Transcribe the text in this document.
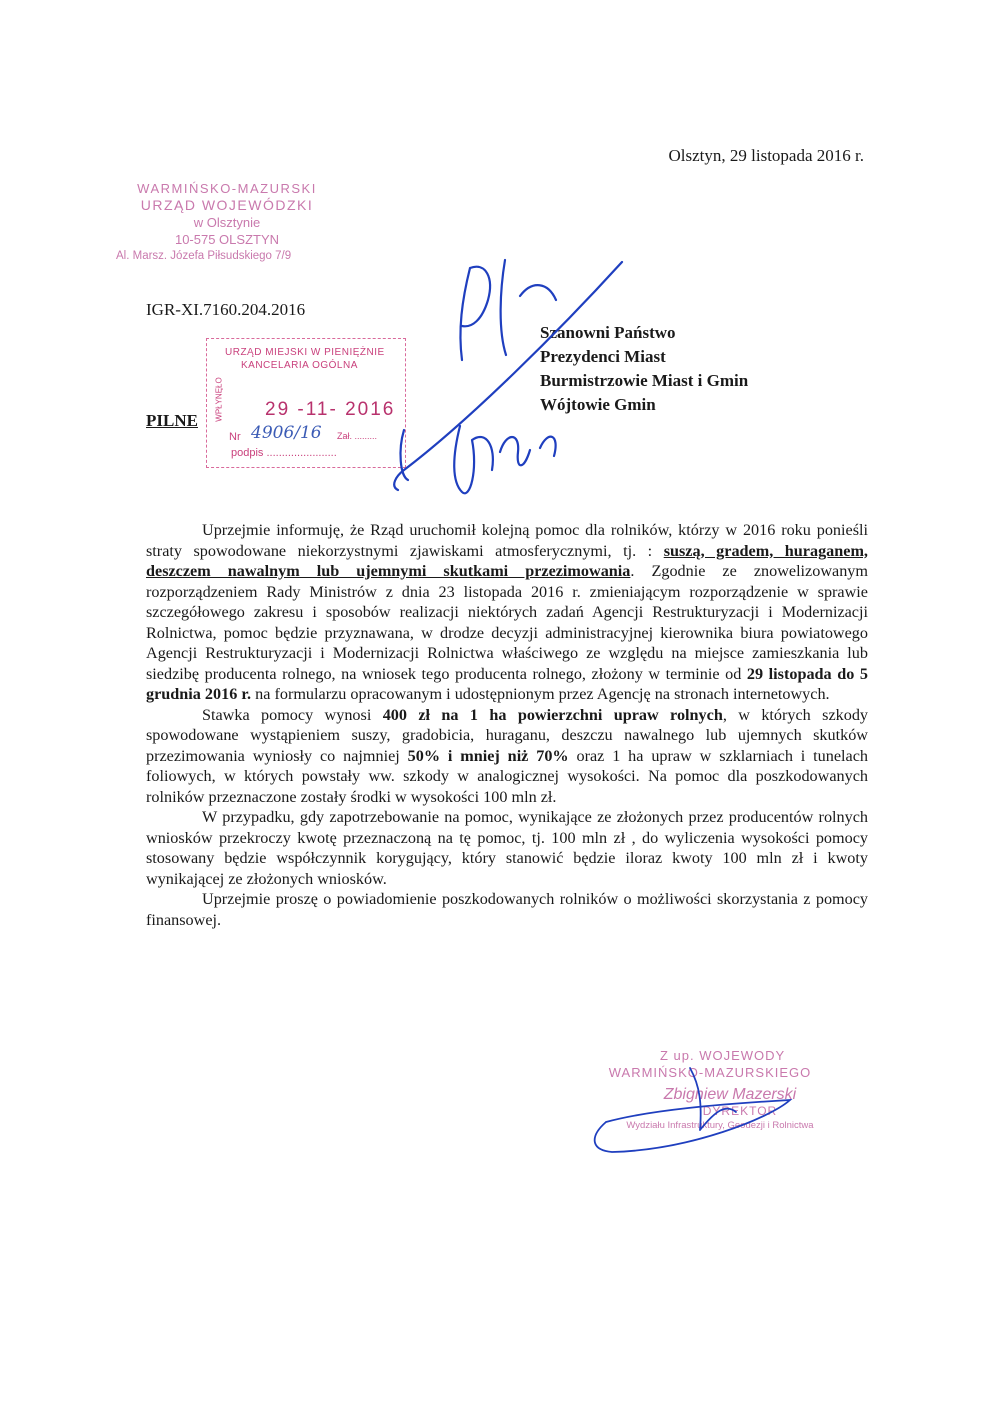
Olsztyn, 29 listopada 2016 r.
WARMIŃSKO-MAZURSKI
URZĄD WOJEWÓDZKI
w Olsztynie
10-575 OLSZTYN
Al. Marsz. Józefa Piłsudskiego 7/9
IGR-XI.7160.204.2016
Szanowni Państwo
Prezydenci Miast
Burmistrzowie Miast i Gmin
Wójtowie Gmin
PILNE
URZĄD MIEJSKI W PIENIĘŻNIE
KANCELARIA OGÓLNA
WPŁYNĘŁO 29 -11- 2016
Nr 4906/16 Zał. .........
podpis .......................

Uprzejmie informuję, że Rząd uruchomił kolejną pomoc dla rolników, którzy w 2016 roku ponieśli straty spowodowane niekorzystnymi zjawiskami atmosferycznymi, tj. : suszą, gradem, huraganem, deszczem nawalnym lub ujemnymi skutkami przezimowania. Zgodnie ze znowelizowanym rozporządzeniem Rady Ministrów z dnia 23 listopada 2016 r. zmieniającym rozporządzenie w sprawie szczegółowego zakresu i sposobów realizacji niektórych zadań Agencji Restrukturyzacji i Modernizacji Rolnictwa, pomoc będzie przyznawana, w drodze decyzji administracyjnej kierownika biura powiatowego Agencji Restrukturyzacji i Modernizacji Rolnictwa właściwego ze względu na miejsce zamieszkania lub siedzibę producenta rolnego, na wniosek tego producenta rolnego, złożony w terminie od 29 listopada do 5 grudnia 2016 r. na formularzu opracowanym i udostępnionym przez Agencję na stronach internetowych.

Stawka pomocy wynosi 400 zł na 1 ha powierzchni upraw rolnych, w których szkody spowodowane wystąpieniem suszy, gradobicia, huraganu, deszczu nawalnego lub ujemnych skutków przezimowania wyniosły co najmniej 50% i mniej niż 70% oraz 1 ha upraw w szklarniach i tunelach foliowych, w których powstały ww. szkody w analogicznej wysokości. Na pomoc dla poszkodowanych rolników przeznaczone zostały środki w wysokości 100 mln zł.

W przypadku, gdy zapotrzebowanie na pomoc, wynikające ze złożonych przez producentów rolnych wniosków przekroczy kwotę przeznaczoną na tę pomoc, tj. 100 mln zł , do wyliczenia wysokości pomocy stosowany będzie współczynnik korygujący, który stanowić będzie iloraz kwoty 100 mln zł i kwoty wynikającej ze złożonych wniosków.

Uprzejmie proszę o powiadomienie poszkodowanych rolników o możliwości skorzystania z pomocy finansowej.

Z up. WOJEWODY
WARMIŃSKO-MAZURSKIEGO
Zbigniew Mazerski
DYREKTOR
Wydziału Infrastruktury, Geodezji i Rolnictwa
